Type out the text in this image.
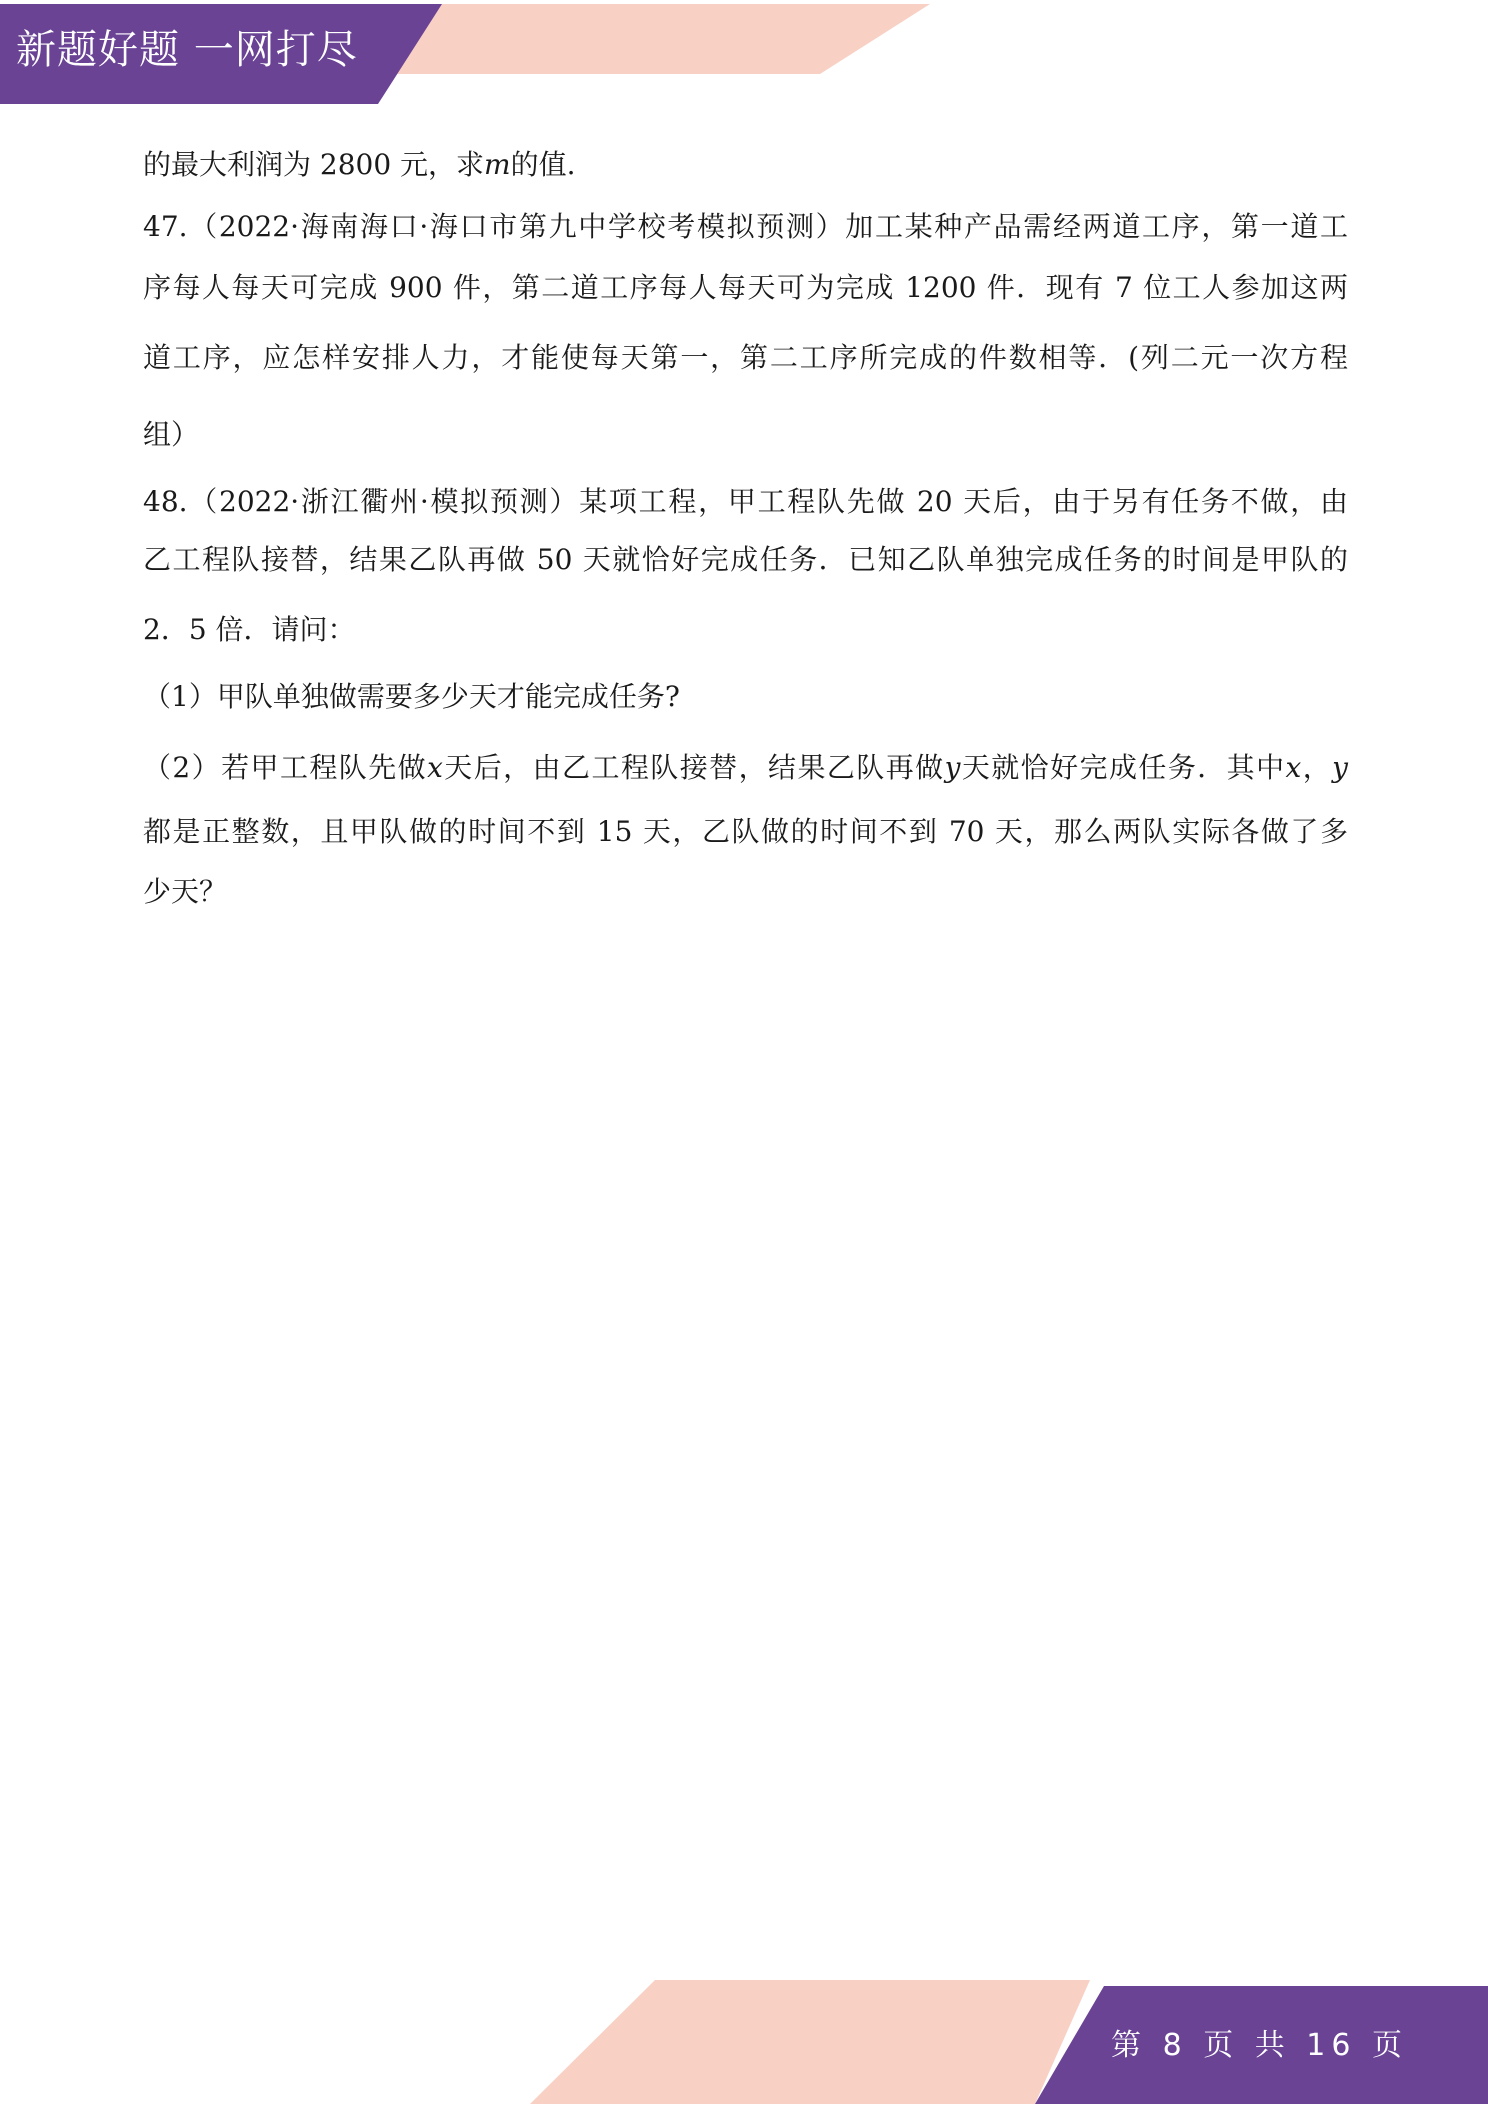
新题好题 一网打尽
的最大利润为 2800 元，求𝑚的值.
47.（2022·海南海口·海口市第九中学校考模拟预测）加工某种产品需经两道工序，第一道工
序每人每天可完成 900 件，第二道工序每人每天可为完成 1200 件．现有 7 位工人参加这两
道工序，应怎样安排人力，才能使每天第一，第二工序所完成的件数相等．(列二元一次方程
组）
48.（2022·浙江衢州·模拟预测）某项工程，甲工程队先做 20 天后，由于另有任务不做，由
乙工程队接替，结果乙队再做 50 天就恰好完成任务．已知乙队单独完成任务的时间是甲队的
2．5 倍．请问：
（1）甲队单独做需要多少天才能完成任务?
（2）若甲工程队先做𝑥天后，由乙工程队接替，结果乙队再做𝑦天就恰好完成任务．其中𝑥，𝑦
都是正整数，且甲队做的时间不到 15 天，乙队做的时间不到 70 天，那么两队实际各做了多
少天？
第 8 页 共 16 页
